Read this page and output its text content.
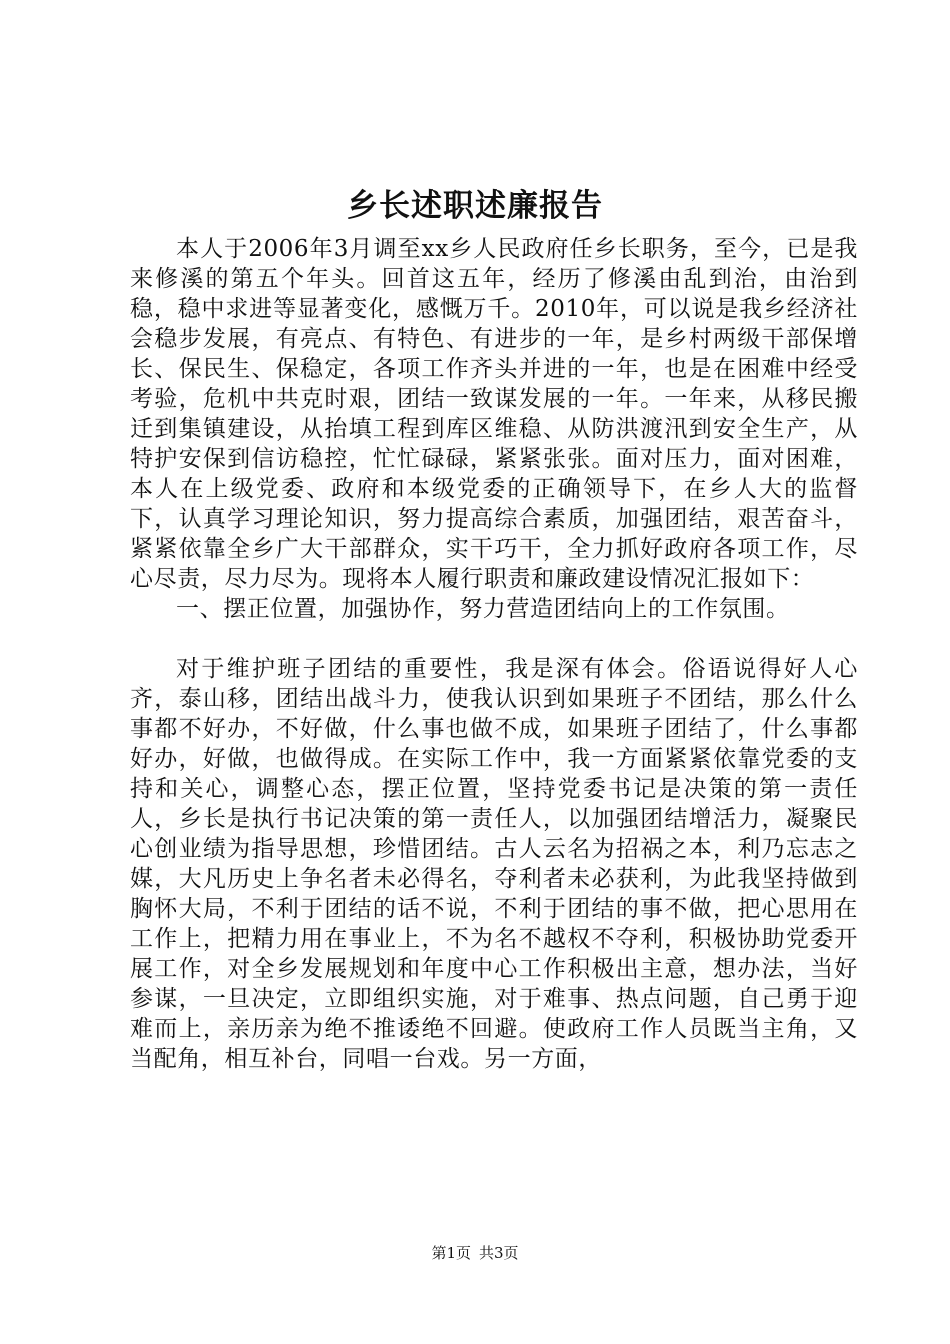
乡长述职述廉报告

本人于2006年3月调至xx乡人民政府任乡长职务，至今，已是我来修溪的第五个年头。回首这五年，经历了修溪由乱到治，由治到稳，稳中求进等显著变化，感慨万千。2010年，可以说是我乡经济社会稳步发展，有亮点、有特色、有进步的一年，是乡村两级干部保增长、保民生、保稳定，各项工作齐头并进的一年，也是在困难中经受考验，危机中共克时艰，团结一致谋发展的一年。一年来，从移民搬迁到集镇建设，从抬填工程到库区维稳、从防洪渡汛到安全生产，从特护安保到信访稳控，忙忙碌碌，紧紧张张。面对压力，面对困难，本人在上级党委、政府和本级党委的正确领导下，在乡人大的监督下，认真学习理论知识，努力提高综合素质，加强团结，艰苦奋斗，紧紧依靠全乡广大干部群众，实干巧干，全力抓好政府各项工作，尽心尽责，尽力尽为。现将本人履行职责和廉政建设情况汇报如下：

一、摆正位置，加强协作，努力营造团结向上的工作氛围。

对于维护班子团结的重要性，我是深有体会。俗语说得好人心齐，泰山移，团结出战斗力，使我认识到如果班子不团结，那么什么事都不好办，不好做，什么事也做不成，如果班子团结了，什么事都好办，好做，也做得成。在实际工作中，我一方面紧紧依靠党委的支持和关心，调整心态，摆正位置，坚持党委书记是决策的第一责任人，乡长是执行书记决策的第一责任人，以加强团结增活力，凝聚民心创业绩为指导思想，珍惜团结。古人云名为招祸之本，利乃忘志之媒，大凡历史上争名者未必得名，夺利者未必获利，为此我坚持做到胸怀大局，不利于团结的话不说，不利于团结的事不做，把心思用在工作上，把精力用在事业上，不为名不越权不夺利，积极协助党委开展工作，对全乡发展规划和年度中心工作积极出主意，想办法，当好参谋，一旦决定，立即组织实施，对于难事、热点问题，自己勇于迎难而上，亲历亲为绝不推诿绝不回避。使政府工作人员既当主角，又当配角，相互补台，同唱一台戏。另一方面，

第1页 共3页
